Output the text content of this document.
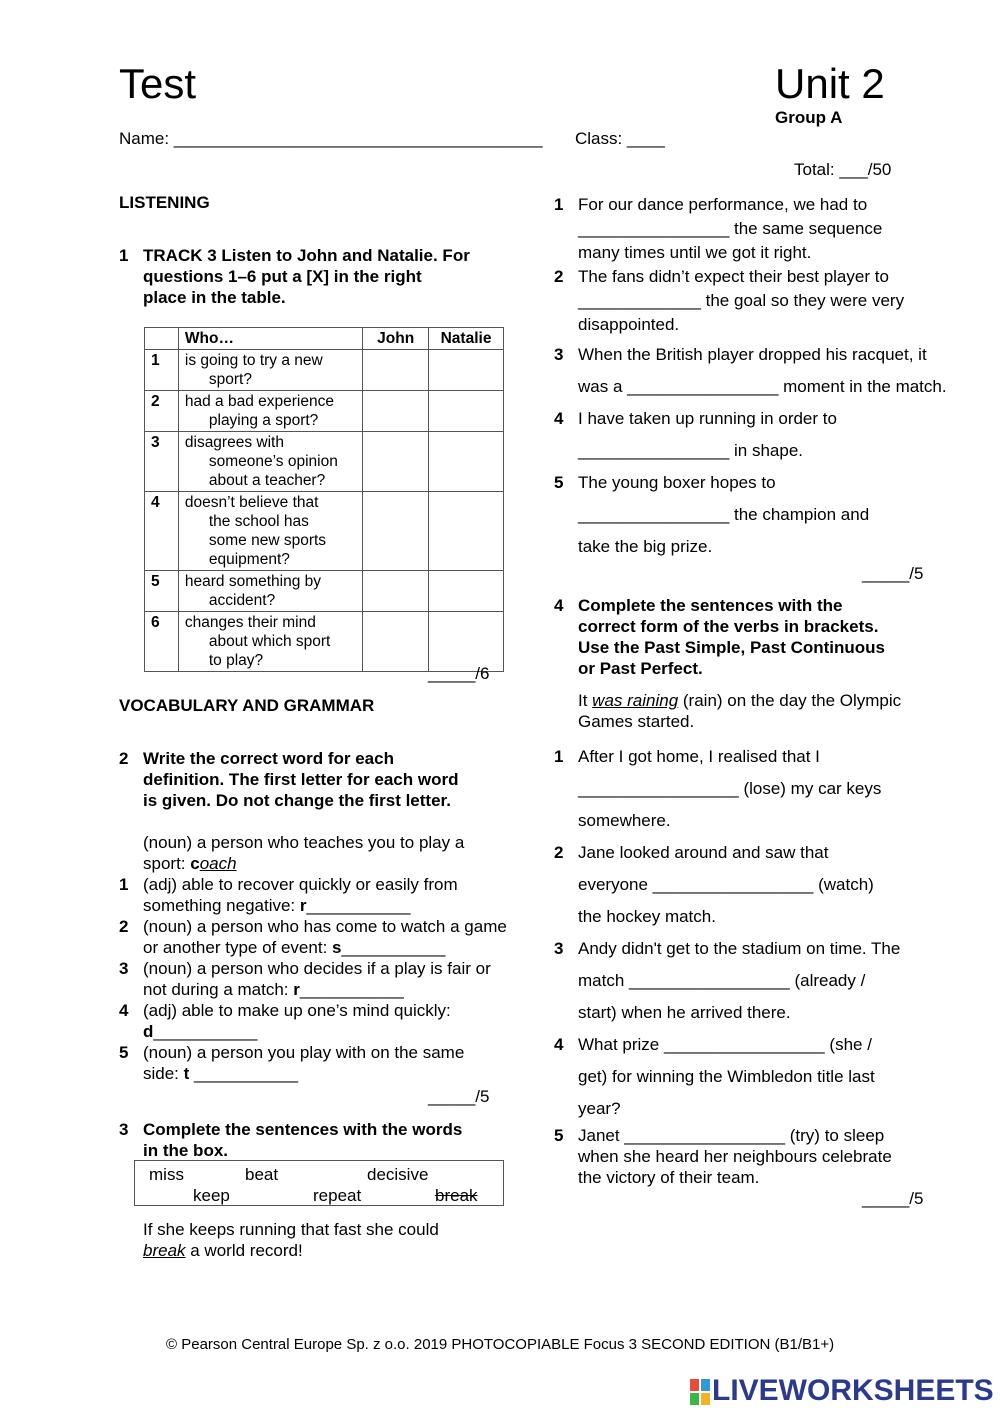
Test	Unit 2
Group A
Name: _______________________________________ Class: ____
Total: ___/50
LISTENING
1 TRACK 3 Listen to John and Natalie. For
questions 1–6 put a [X] in the right
place in the table.
	Who…	John	Natalie
1	is going to try a new
sport?		

2	had a bad experience
playing a sport?		

3	disagrees with
someone’s opinion
about a teacher?		

4	doesn’t believe that
the school has
some new sports
equipment?		

5	heard something by
accident?		

6	changes their mind
about which sport
to play?		

_____/6
VOCABULARY AND GRAMMAR
2 Write the correct word for each
definition. The first letter for each word
is given. Do not change the first letter.
(noun) a person who teaches you to play a
sport: coach
1 (adj) able to recover quickly or easily from
something negative: r___________
2 (noun) a person who has come to watch a game
or another type of event: s___________
3 (noun) a person who decides if a play is fair or
not during a match: r___________
4 (adj) able to make up one’s mind quickly:
d___________
5 (noun) a person you play with on the same
side: t ___________
_____/5
3 Complete the sentences with the words
in the box.
miss	beat	decisive
keep	repeat	break
If she keeps running that fast she could
break a world record!
1 For our dance performance, we had to
________________ the same sequence
many times until we got it right.
2 The fans didn’t expect their best player to
_____________ the goal so they were very
disappointed.
3 When the British player dropped his racquet, it
was a ________________ moment in the match.
4 I have taken up running in order to
________________ in shape.
5 The young boxer hopes to
________________ the champion and
take the big prize.
_____/5
4 Complete the sentences with the
correct form of the verbs in brackets.
Use the Past Simple, Past Continuous
or Past Perfect.
It was raining (rain) on the day the Olympic
Games started.
1 After I got home, I realised that I
_________________ (lose) my car keys
somewhere.
2 Jane looked around and saw that
everyone _________________ (watch)
the hockey match.
3 Andy didn't get to the stadium on time. The
match _________________ (already /
start) when he arrived there.
4 What prize _________________ (she /
get) for winning the Wimbledon title last
year?
5 Janet _________________ (try) to sleep
when she heard her neighbours celebrate
the victory of their team.
_____/5
© Pearson Central Europe Sp. z o.o. 2019 PHOTOCOPIABLE Focus 3 SECOND EDITION (B1/B1+)
LIVEWORKSHEETS
